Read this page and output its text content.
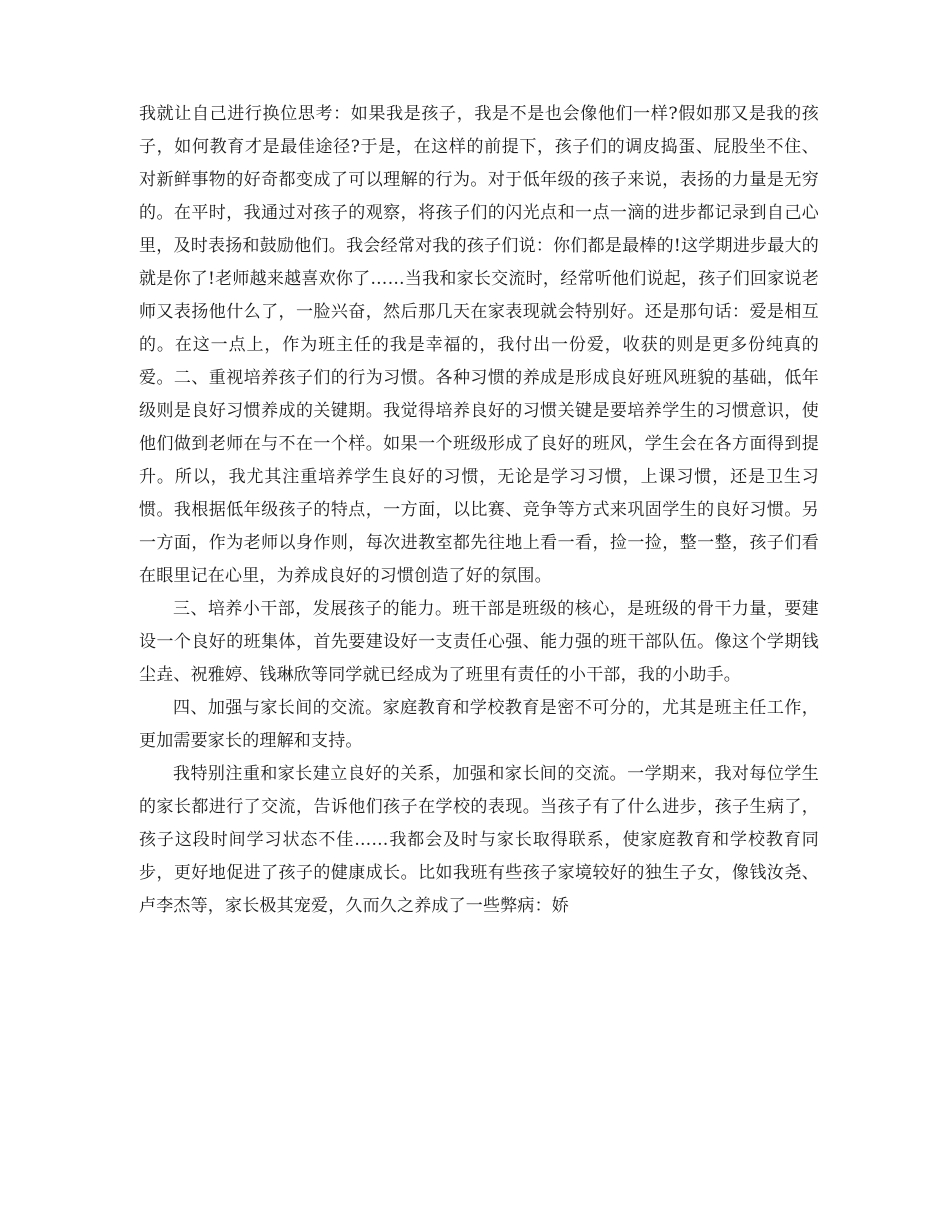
我就让自己进行换位思考：如果我是孩子，我是不是也会像他们一样?假如那又是我的孩子，如何教育才是最佳途径?于是，在这样的前提下，孩子们的调皮捣蛋、屁股坐不住、对新鲜事物的好奇都变成了可以理解的行为。对于低年级的孩子来说，表扬的力量是无穷的。在平时，我通过对孩子的观察，将孩子们的闪光点和一点一滴的进步都记录到自己心里，及时表扬和鼓励他们。我会经常对我的孩子们说：你们都是最棒的!这学期进步最大的就是你了!老师越来越喜欢你了……当我和家长交流时，经常听他们说起，孩子们回家说老师又表扬他什么了，一脸兴奋，然后那几天在家表现就会特别好。还是那句话：爱是相互的。在这一点上，作为班主任的我是幸福的，我付出一份爱，收获的则是更多份纯真的爱。二、重视培养孩子们的行为习惯。各种习惯的养成是形成良好班风班貌的基础，低年级则是良好习惯养成的关键期。我觉得培养良好的习惯关键是要培养学生的习惯意识，使他们做到老师在与不在一个样。如果一个班级形成了良好的班风，学生会在各方面得到提升。所以，我尤其注重培养学生良好的习惯，无论是学习习惯，上课习惯，还是卫生习惯。我根据低年级孩子的特点，一方面，以比赛、竞争等方式来巩固学生的良好习惯。另一方面，作为老师以身作则，每次进教室都先往地上看一看，捡一捡，整一整，孩子们看在眼里记在心里，为养成良好的习惯创造了好的氛围。

三、培养小干部，发展孩子的能力。班干部是班级的核心，是班级的骨干力量，要建设一个良好的班集体，首先要建设好一支责任心强、能力强的班干部队伍。像这个学期钱尘垚、祝雅婷、钱琳欣等同学就已经成为了班里有责任的小干部，我的小助手。

四、加强与家长间的交流。家庭教育和学校教育是密不可分的，尤其是班主任工作，更加需要家长的理解和支持。

我特别注重和家长建立良好的关系，加强和家长间的交流。一学期来，我对每位学生的家长都进行了交流，告诉他们孩子在学校的表现。当孩子有了什么进步，孩子生病了，孩子这段时间学习状态不佳……我都会及时与家长取得联系，使家庭教育和学校教育同步，更好地促进了孩子的健康成长。比如我班有些孩子家境较好的独生子女，像钱汝尧、卢李杰等，家长极其宠爱，久而久之养成了一些弊病：娇
